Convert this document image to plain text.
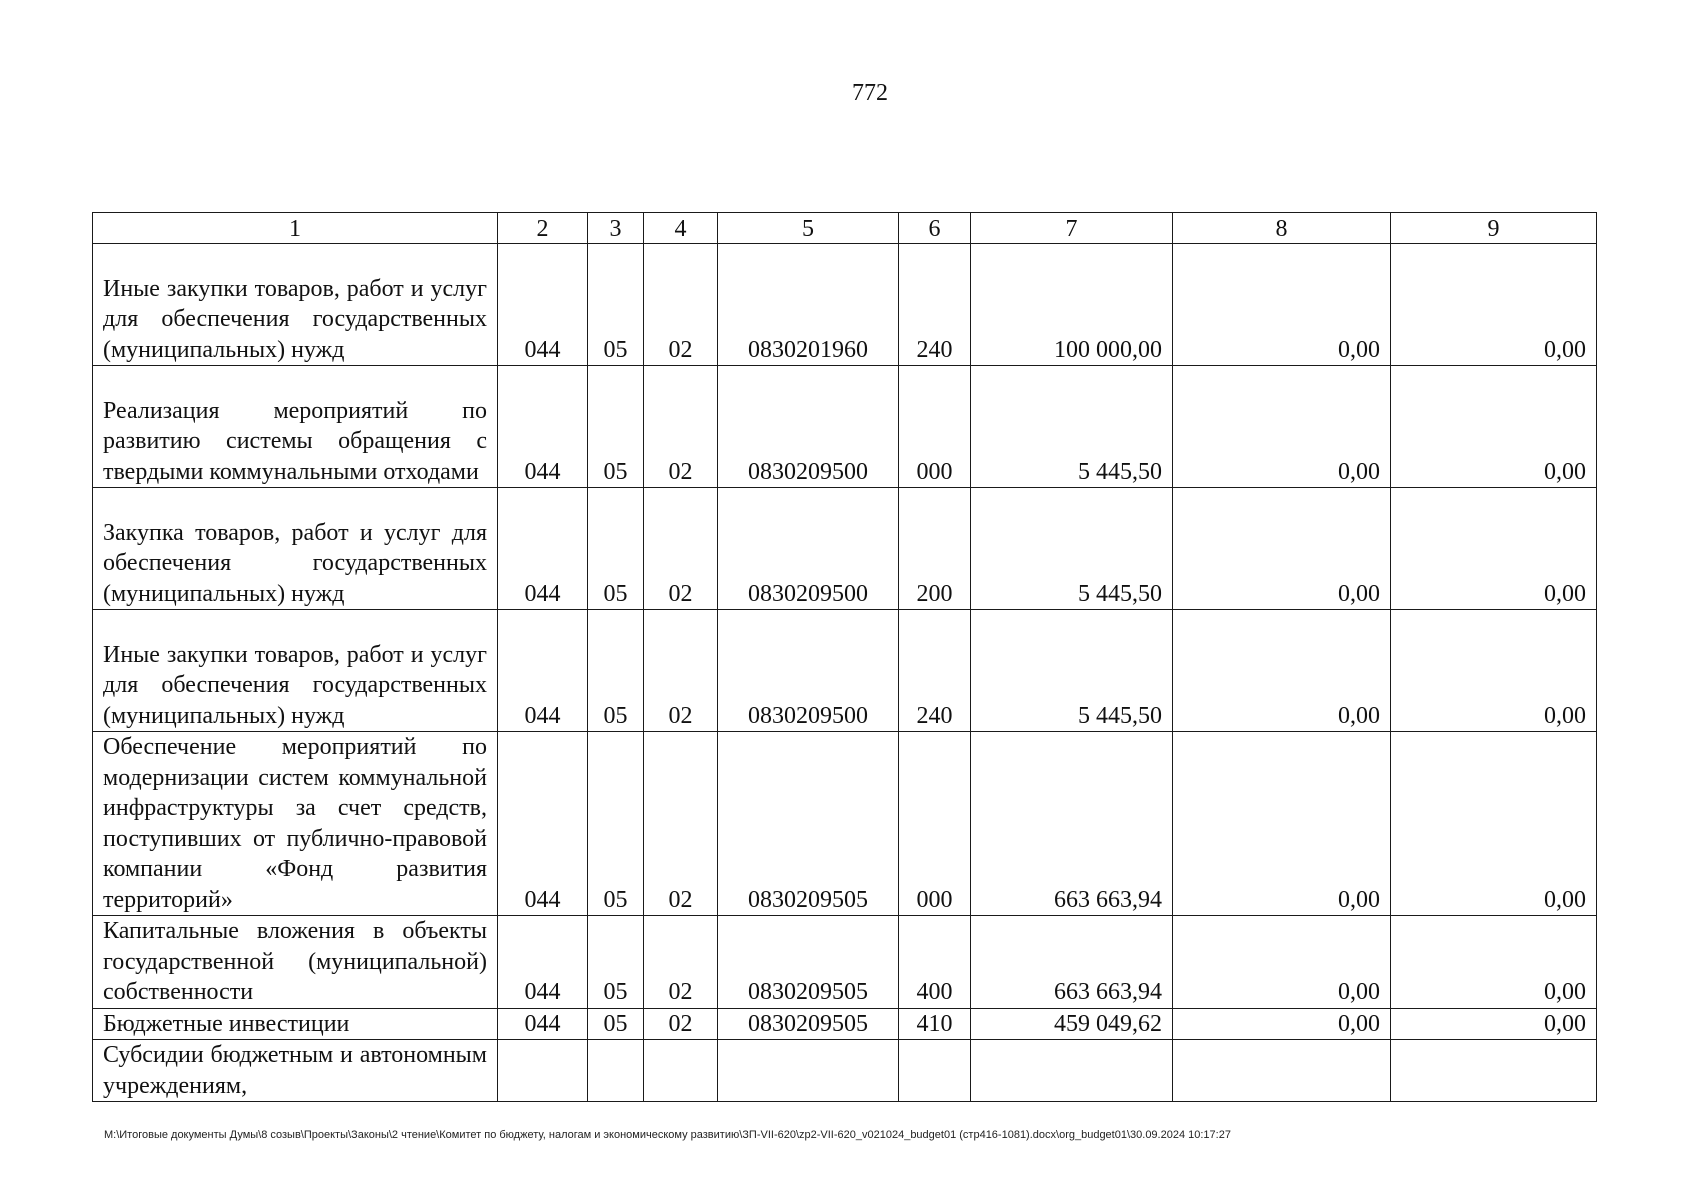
772
1	2	3	4	5	6	7	8	9
Иные закупки товаров, работ и услуг для обеспечения государственных (муниципальных) нужд	044	05	02	0830201960	240	100 000,00	0,00	0,00
Реализация мероприятий по развитию системы обращения с твердыми коммунальными отходами	044	05	02	0830209500	000	5 445,50	0,00	0,00
Закупка товаров, работ и услуг для обеспечения государственных (муниципальных) нужд	044	05	02	0830209500	200	5 445,50	0,00	0,00
Иные закупки товаров, работ и услуг для обеспечения государственных (муниципальных) нужд	044	05	02	0830209500	240	5 445,50	0,00	0,00
Обеспечение мероприятий по модернизации систем коммунальной инфраструктуры за счет средств, поступивших от публично-правовой компании «Фонд развития территорий»	044	05	02	0830209505	000	663 663,94	0,00	0,00
Капитальные вложения в объекты государственной (муниципальной) собственности	044	05	02	0830209505	400	663 663,94	0,00	0,00
Бюджетные инвестиции	044	05	02	0830209505	410	459 049,62	0,00	0,00
Субсидии бюджетным и автономным учреждениям,								
M:\Итоговые документы Думы\8 созыв\Проекты\Законы\2 чтение\Комитет по бюджету, налогам и экономическому развитию\ЗП-VII-620\zp2-VII-620_v021024_budget01 (стр416-1081).docx\org_budget01\30.09.2024 10:17:27
